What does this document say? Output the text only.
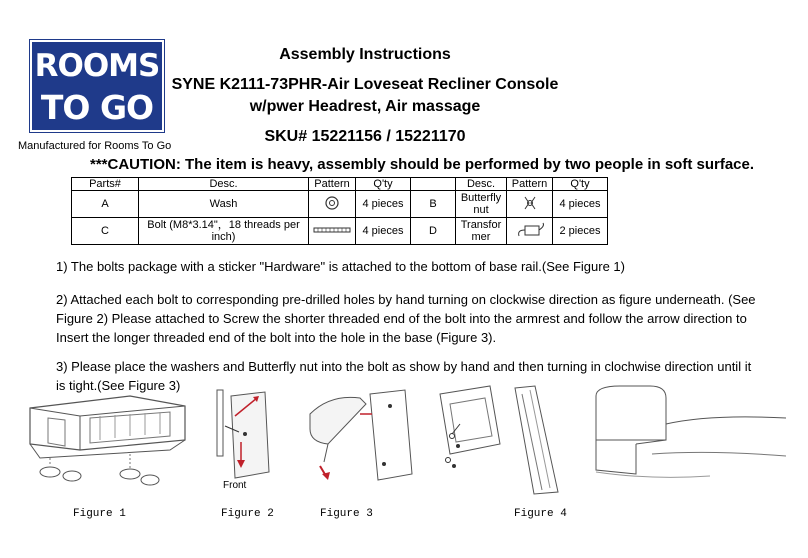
ROOMS
TO GO
Manufactured for Rooms To Go
Assembly Instructions
SYNE K2111-73PHR-Air Loveseat Recliner Console
w/pwer Headrest, Air massage
SKU# 15221156 / 15221170
***CAUTION: The item is heavy, assembly should be performed by two people in soft surface.
Parts#	Desc.	Pattern	Q'ty		Desc.	Pattern	Q'ty
A	Wash		4 pieces	B	Butterfly nut		4 pieces
C	Bolt (M8*3.14"，18 threads per inch)		4 pieces	D	Transfor mer		2 pieces
1) The bolts package with a sticker "Hardware" is attached to the bottom of base rail.(See Figure 1)
2) Attached each bolt to corresponding pre-drilled holes by hand turning on clockwise direction as figure underneath. (See Figure 2) Please attached to Screw the shorter threaded end of the bolt into the armrest and follow the arrow direction to Insert the longer threaded end of the bolt into the hole in the base (Figure 3).
3) Please place the washers and Butterfly nut into the bolt as show by hand and then turning in clochwise direction until it is tight.(See Figure 3)
Front
Figure 1	Figure 2	Figure 3	Figure 4
